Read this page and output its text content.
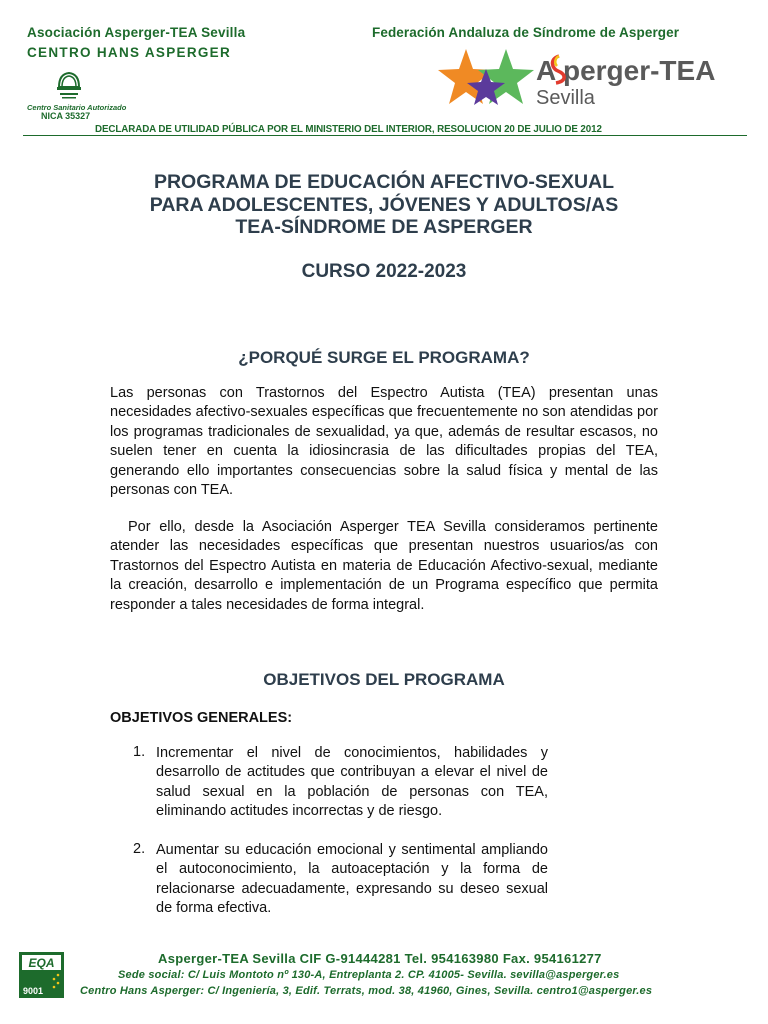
Asociación Asperger-TEA Sevilla
CENTRO HANS ASPERGER
Federación Andaluza de Síndrome de Asperger
Centro Sanitario Autorizado
NICA 35327
A perger-TEA
Sevilla
DECLARADA DE UTILIDAD PÚBLICA POR EL MINISTERIO DEL INTERIOR, RESOLUCION 20 DE JULIO DE 2012
PROGRAMA DE EDUCACIÓN AFECTIVO-SEXUAL
PARA ADOLESCENTES, JÓVENES Y ADULTOS/AS
TEA-SÍNDROME DE ASPERGER
CURSO 2022-2023
¿PORQUÉ SURGE EL PROGRAMA?
Las personas con Trastornos del Espectro Autista (TEA) presentan unas necesidades afectivo-sexuales específicas que frecuentemente no son atendidas por los programas tradicionales de sexualidad, ya que, además de resultar escasos, no suelen tener en cuenta la idiosincrasia de las dificultades propias del TEA, generando ello importantes consecuencias sobre la salud física y mental de las personas con TEA.
Por ello, desde la Asociación Asperger TEA Sevilla consideramos pertinente atender las necesidades específicas que presentan nuestros usuarios/as con Trastornos del Espectro Autista en materia de Educación Afectivo-sexual, mediante la creación, desarrollo e implementación de un Programa específico que permita responder a tales necesidades de forma integral.
OBJETIVOS DEL PROGRAMA
OBJETIVOS GENERALES:
1. Incrementar el nivel de conocimientos, habilidades y desarrollo de actitudes que contribuyan a elevar el nivel de salud sexual en la población de personas con TEA, eliminando actitudes incorrectas y de riesgo.
2. Aumentar su educación emocional y sentimental ampliando el autoconocimiento, la autoaceptación y la forma de relacionarse adecuadamente, expresando su deseo sexual de forma efectiva.
EQA
9001
Asperger-TEA Sevilla CIF G-91444281 Tel. 954163980 Fax. 954161277
Sede social: C/ Luis Montoto nº 130-A, Entreplanta 2. CP. 41005- Sevilla. sevilla@asperger.es
Centro Hans Asperger: C/ Ingeniería, 3, Edif. Terrats, mod. 38, 41960, Gines, Sevilla. centro1@asperger.es
